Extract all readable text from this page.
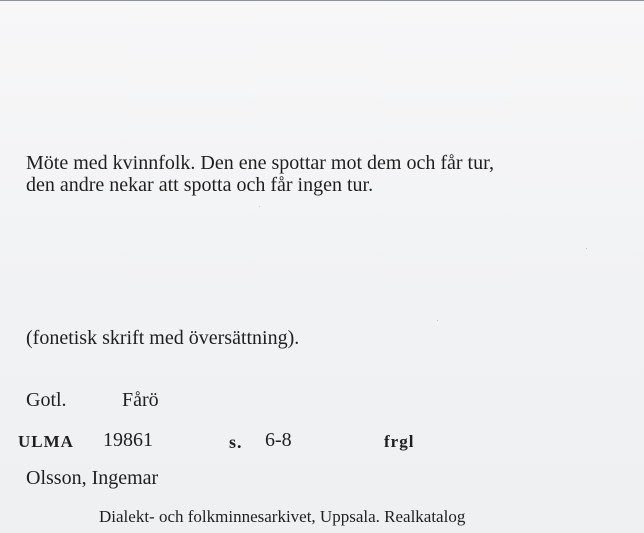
Möte med kvinnfolk. Den ene spottar mot dem och får tur,
den andre nekar att spotta och får ingen tur.
(fonetisk skrift med översättning).
Gotl.	Fårö
ULMA 19861	s. 6-8	frgl
Olsson, Ingemar
Dialekt- och folkminnesarkivet, Uppsala. Realkatalog
